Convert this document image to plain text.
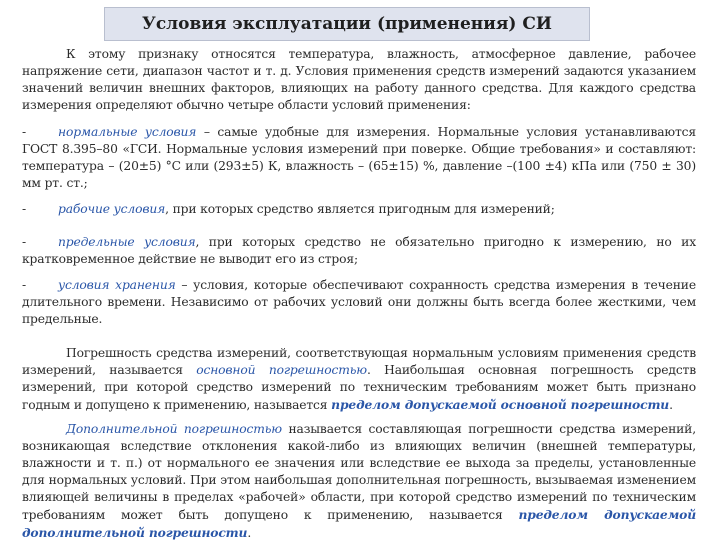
Условия эксплуатации (применения) СИ
К этому признаку относятся температура, влажность, атмосферное давление, рабочее напряжение сети, диапазон частот и т. д. Условия применения средств измерений задаются указанием значений величин внешних факторов, влияющих на работу данного средства. Для каждого средства измерения определяют обычно четыре области условий применения:
-	нормальные условия – самые удобные для измерения. Нормальные условия устанавливаются ГОСТ 8.395–80 «ГСИ. Нормальные условия измерений при поверке. Общие требования» и составляют: температура – (20±5) °С или (293±5) К, влажность – (65±15) %, давление –(100 ±4) кПа или (750 ± 30) мм рт. ст.;
-	рабочие условия, при которых средство является пригодным для измерений;
-	предельные условия, при которых средство не обязательно пригодно к измерению, но их кратковременное действие не выводит его из строя;
-	условия хранения – условия, которые обеспечивают сохранность средства измерения в течение длительного времени. Независимо от рабочих условий они должны быть всегда более жесткими, чем предельные.
Погрешность средства измерений, соответствующая нормальным условиям применения средств измерений, называется основной погрешностью. Наибольшая основная погрешность средств измерений, при которой средство измерений по техническим требованиям может быть признано годным и допущено к применению, называется пределом допускаемой основной погрешности.
Дополнительной погрешностью называется составляющая погрешности средства измерений, возникающая вследствие отклонения какой-либо из влияющих величин (внешней температуры, влажности и т. п.) от нормального ее значения или вследствие ее выхода за пределы, установленные для нормальных условий. При этом наибольшая дополнительная погрешность, вызываемая изменением влияющей величины в пределах «рабочей» области, при которой средство измерений по техническим требованиям может быть допущено к применению, называется пределом допускаемой дополнительной погрешности.
